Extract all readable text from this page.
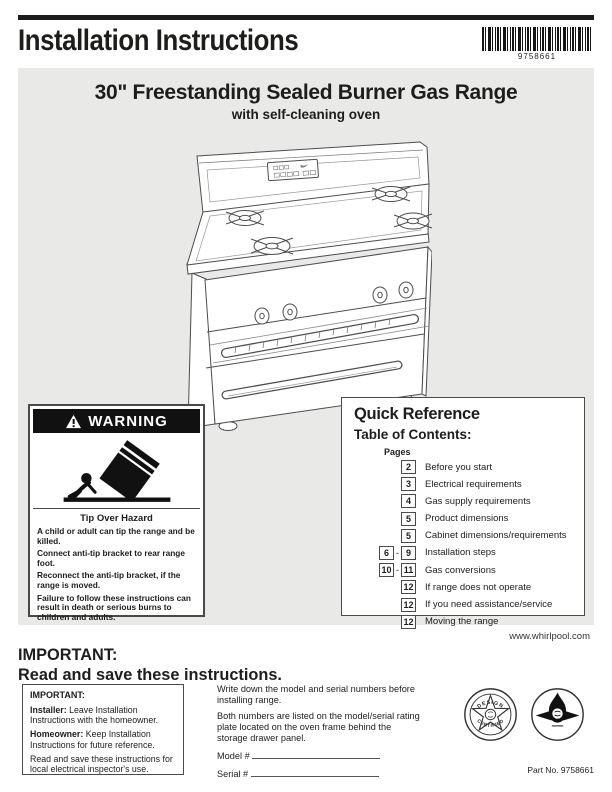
Installation Instructions	9758661
30" Freestanding Sealed Burner Gas Range
with self-cleaning oven
WARNING
Tip Over Hazard

A child or adult can tip the range and be killed.

Connect anti-tip bracket to rear range foot.

Reconnect the anti-tip bracket, if the range is moved.

Failure to follow these instructions can result in death or serious burns to children and adults.

Quick Reference
Table of Contents:
Pages
2	Before you start
3	Electrical requirements
4	Gas supply requirements
5	Product dimensions
5	Cabinet dimensions/requirements
6 - 9	Installation steps
10 - 11 Gas conversions
12 If range does not operate
12 If you need assistance/service
12 Moving the range
www.whirlpool.com
IMPORTANT:
Read and save these instructions.

IMPORTANT:

Installer: Leave Installation Instructions with the homeowner.

Homeowner: Keep Installation Instructions for future reference.

Read and save these instructions for local electrical inspector's use.

Write down the model and serial numbers before installing range.

Both numbers are listed on the model/serial rating plate located on the oven frame behind the storage drawer panel.

Model #
Serial #
DESIGN
CERTIFIED
Part No. 9758661
